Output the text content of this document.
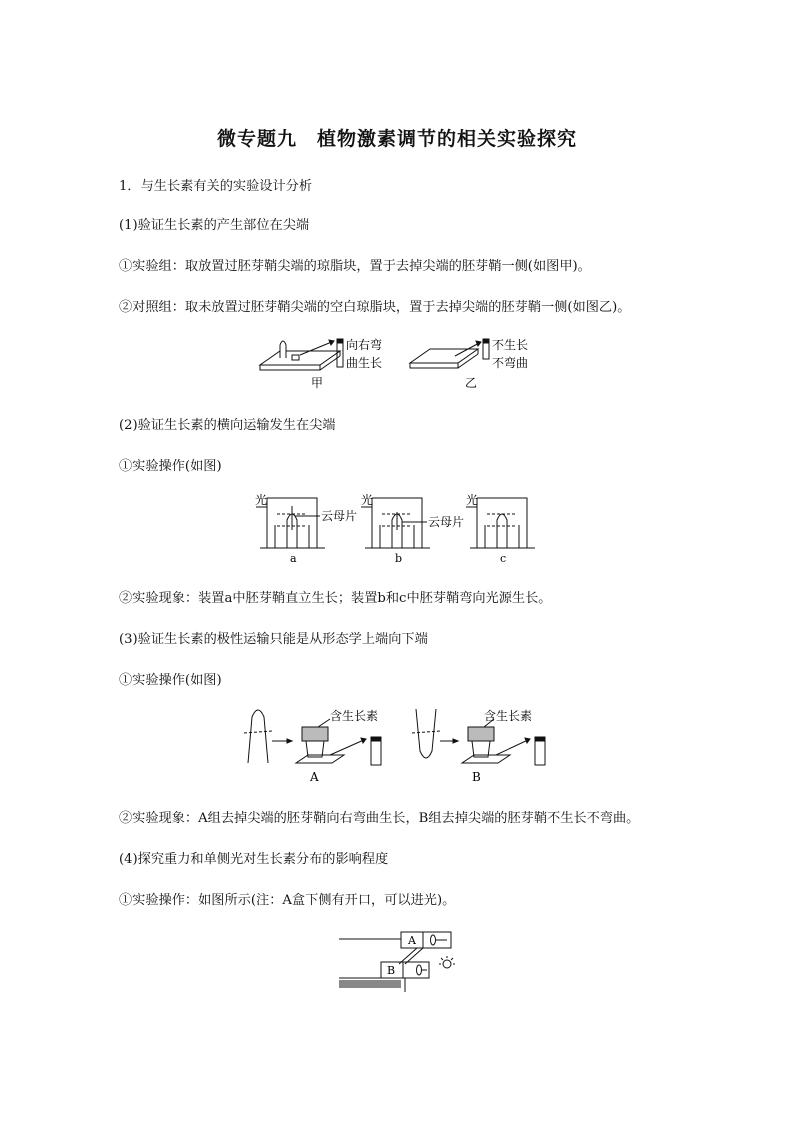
微专题九　植物激素调节的相关实验探究
1．与生长素有关的实验设计分析
(1)验证生长素的产生部位在尖端
①实验组：取放置过胚芽鞘尖端的琼脂块，置于去掉尖端的胚芽鞘一侧(如图甲)。
②对照组：取未放置过胚芽鞘尖端的空白琼脂块，置于去掉尖端的胚芽鞘一侧(如图乙)。
向右弯
曲生长
甲
不生长
不弯曲
乙
(2)验证生长素的横向运输发生在尖端
①实验操作(如图)
光	光	光
云母片	云母片
a	b	c
②实验现象：装置a中胚芽鞘直立生长；装置b和c中胚芽鞘弯向光源生长。
(3)验证生长素的极性运输只能是从形态学上端向下端
①实验操作(如图)
含生长素	含生长素
A	B
②实验现象：A组去掉尖端的胚芽鞘向右弯曲生长，B组去掉尖端的胚芽鞘不生长不弯曲。
(4)探究重力和单侧光对生长素分布的影响程度
①实验操作：如图所示(注：A盒下侧有开口，可以进光)。
A
B
